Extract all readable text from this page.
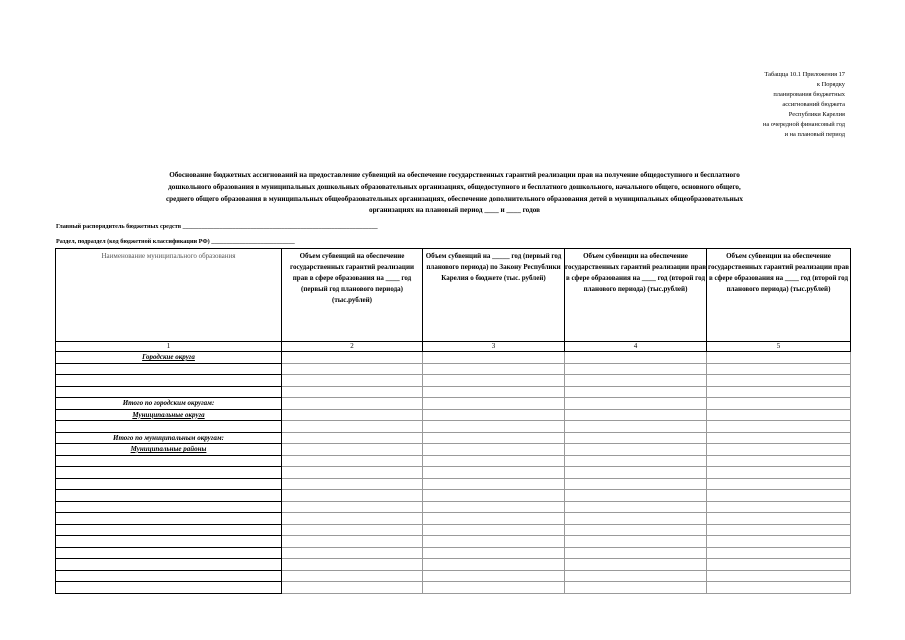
Табащца 10.1 Приложения 17
к Порядку
планирования бюджетных
ассигнований бюджета
Республики Карелия
на очередной финансовый год
и на плановый период
Обоснование бюджетных ассигнований на предоставление субвенций на обеспечение государственных гарантий реализации прав на получение общедоступного и бесплатного
дошкольного образования в муниципальных дошкольных образовательных организациях, общедоступного и бесплатного дошкольного, начального общего, основного общего,
среднего общего образования в муниципальных общеобразовательных организациях, обеспечение дополнительного образования детей в муниципальных общеобразовательных
организациях на плановый период ____ и ____ годов
Главный распорядитель бюджетных средств _______________________________________________________________
Раздел, подраздел (код бюджетной классификации РФ) ___________________________
Наименование муниципального образования	Объем субвенций на обеспечение государственных гарантий реализации прав в сфере образования на ____ год (первый год планового периода) (тыс.рублей)	Объем субвенций на _____ год (первый год планового периода) по Закону Республики Карелия о бюджете (тыс. рублей)	Объем субвенции на обеспечение государственных гарантий реализации прав в сфере образования на ____ год (второй год планового периода) (тыс.рублей)	Объем субвенции на обеспечение государственных гарантий реализации прав в сфере образования на ____ год (второй год планового периода) (тыс.рублей)
1	2	3	4	5
Городские округа				

Итого по городским округам:				
Муниципальные округа				

Итого по муниципальным округам:				
Муниципальные районы				
